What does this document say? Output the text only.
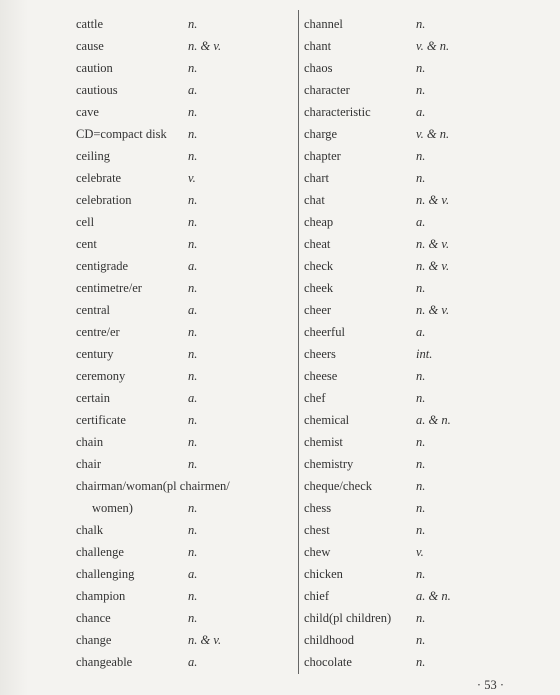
cattle	n.
cause	n. & v.
caution	n.
cautious	a.
cave	n.
CD=compact disk n.
ceiling	n.
celebrate	v.
celebration	n.
cell	n.
cent	n.
centigrade	a.
centimetre/er	n.
central	a.
centre/er	n.
century	n.
ceremony	n.
certain	a.
certificate	n.
chain	n.
chair	n.
chairman/woman(pl chairmen/
women)	n.
chalk	n.
challenge	n.
challenging	a.
champion	n.
chance	n.
change	n. & v.
changeable	a.
channel	n.
chant	v. & n.
chaos	n.
character	n.
characteristic	a.
charge	v. & n.
chapter	n.
chart	n.
chat	n. & v.
cheap	a.
cheat	n. & v.
check	n. & v.
cheek	n.
cheer	n. & v.
cheerful	a.
cheers	int.
cheese	n.
chef	n.
chemical	a. & n.
chemist	n.
chemistry	n.
cheque/check	n.
chess	n.
chest	n.
chew	v.
chicken	n.
chief	a. & n.
child(pl children) n.
childhood	n.
chocolate	n.
· 53 ·
